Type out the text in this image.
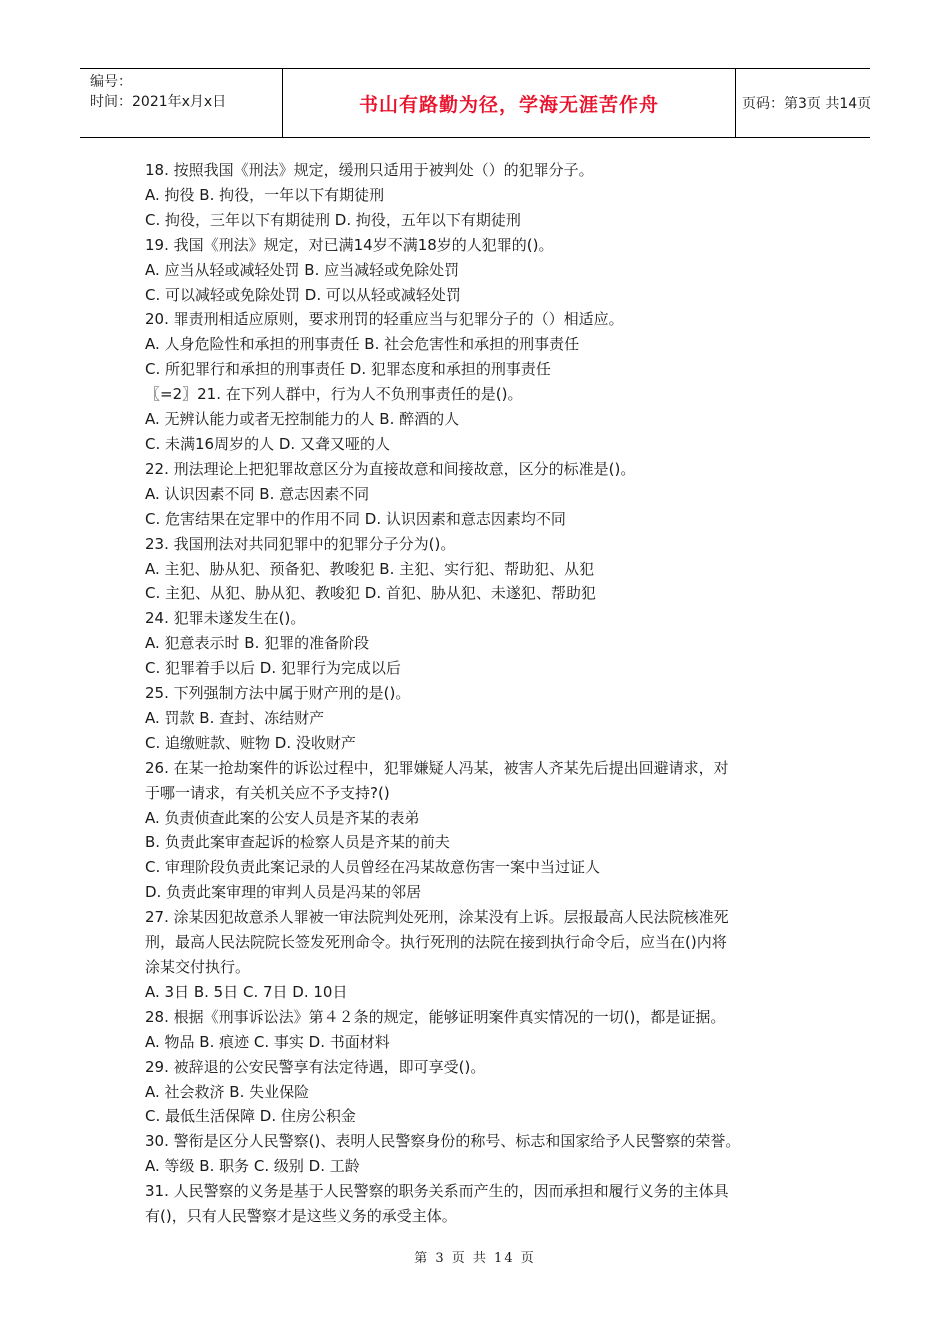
编号：
时间：2021年x月x日	书山有路勤为径，学海无涯苦作舟	页码：第3页 共14页

18. 按照我国《刑法》规定，缓刑只适用于被判处（）的犯罪分子。

A. 拘役 B. 拘役，一年以下有期徒刑

C. 拘役，三年以下有期徒刑 D. 拘役，五年以下有期徒刑

19. 我国《刑法》规定，对已满14岁不满18岁的人犯罪的()。

A. 应当从轻或减轻处罚 B. 应当减轻或免除处罚

C. 可以减轻或免除处罚 D. 可以从轻或减轻处罚

20. 罪责刑相适应原则，要求刑罚的轻重应当与犯罪分子的（）相适应。

A. 人身危险性和承担的刑事责任 B. 社会危害性和承担的刑事责任

C. 所犯罪行和承担的刑事责任 D. 犯罪态度和承担的刑事责任

〖=2〗21. 在下列人群中，行为人不负刑事责任的是()。

A. 无辨认能力或者无控制能力的人 B. 醉酒的人

C. 未满16周岁的人 D. 又聋又哑的人

22. 刑法理论上把犯罪故意区分为直接故意和间接故意，区分的标准是()。

A. 认识因素不同 B. 意志因素不同

C. 危害结果在定罪中的作用不同 D. 认识因素和意志因素均不同

23. 我国刑法对共同犯罪中的犯罪分子分为()。

A. 主犯、胁从犯、预备犯、教唆犯 B. 主犯、实行犯、帮助犯、从犯

C. 主犯、从犯、胁从犯、教唆犯 D. 首犯、胁从犯、未遂犯、帮助犯

24. 犯罪未遂发生在()。

A. 犯意表示时 B. 犯罪的准备阶段

C. 犯罪着手以后 D. 犯罪行为完成以后

25. 下列强制方法中属于财产刑的是()。

A. 罚款 B. 查封、冻结财产

C. 追缴赃款、赃物 D. 没收财产

26. 在某一抢劫案件的诉讼过程中，犯罪嫌疑人冯某，被害人齐某先后提出回避请求，对

于哪一请求，有关机关应不予支持?()

A. 负责侦查此案的公安人员是齐某的表弟

B. 负责此案审查起诉的检察人员是齐某的前夫

C. 审理阶段负责此案记录的人员曾经在冯某故意伤害一案中当过证人

D. 负责此案审理的审判人员是冯某的邻居

27. 涂某因犯故意杀人罪被一审法院判处死刑，涂某没有上诉。层报最高人民法院核准死

刑，最高人民法院院长签发死刑命令。执行死刑的法院在接到执行命令后，应当在()内将

涂某交付执行。

A. 3日 B. 5日 C. 7日 D. 10日

28. 根据《刑事诉讼法》第４２条的规定，能够证明案件真实情况的一切()，都是证据。

A. 物品 B. 痕迹 C. 事实 D. 书面材料

29. 被辞退的公安民警享有法定待遇，即可享受()。

A. 社会救济 B. 失业保险

C. 最低生活保障 D. 住房公积金

30. 警衔是区分人民警察()、表明人民警察身份的称号、标志和国家给予人民警察的荣誉。

A. 等级 B. 职务 C. 级别 D. 工龄

31. 人民警察的义务是基于人民警察的职务关系而产生的，因而承担和履行义务的主体具

有()，只有人民警察才是这些义务的承受主体。

第 3 页 共 14 页
